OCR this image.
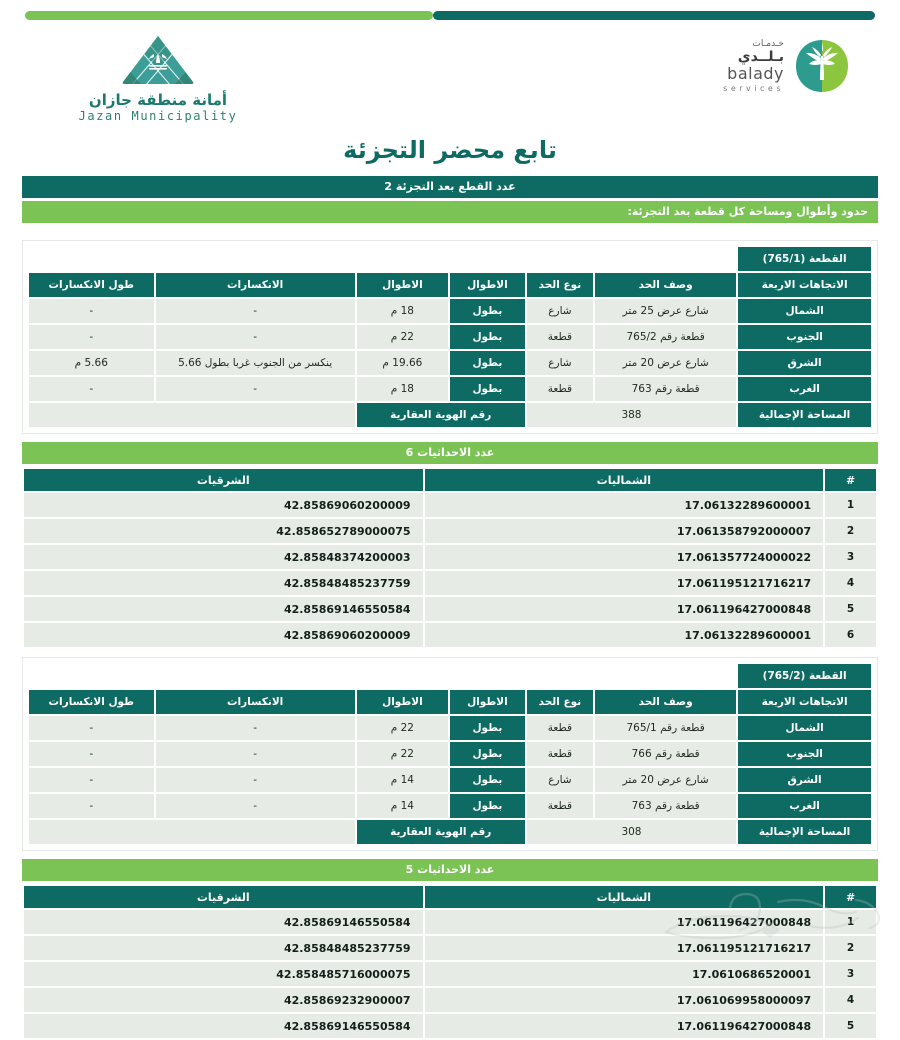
أمانة منطقة جازان
Jazan Municipality
خـدمـات
بـلــدي
balady
services
تابع محضر التجزئة
عدد القطع بعد التجزئة 2
حدود وأطوال ومساحة كل قطعة بعد التجزئة:
القطعة (765/1)						
الاتجاهات الاربعة	وصف الحد	نوع الحد	الاطوال	الاطوال	الانكسارات	طول الانكسارات
الشمال	شارع عرض 25 متر	شارع	بطول	18 م	-	-
الجنوب	قطعة رقم 765/2	قطعة	بطول	22 م	-	-
الشرق	شارع عرض 20 متر	شارع	بطول	19.66 م	ينكسر من الجنوب غربا بطول 5.66	5.66 م
الغرب	قطعة رقم 763	قطعة	بطول	18 م	-	-
المساحة الإجمالية	388		رقم الهوية العقارية			
عدد الاحداثيات 6
#	الشماليات	الشرقيات
1	17.06132289600001	42.85869060200009
2	17.061358792000007	42.858652789000075
3	17.061357724000022	42.85848374200003
4	17.061195121716217	42.85848485237759
5	17.061196427000848	42.85869146550584
6	17.06132289600001	42.85869060200009
القطعة (765/2)						
الاتجاهات الاربعة	وصف الحد	نوع الحد	الاطوال	الاطوال	الانكسارات	طول الانكسارات
الشمال	قطعة رقم 765/1	قطعة	بطول	22 م	-	-
الجنوب	قطعة رقم 766	قطعة	بطول	22 م	-	-
الشرق	شارع عرض 20 متر	شارع	بطول	14 م	-	-
الغرب	قطعة رقم 763	قطعة	بطول	14 م	-	-
المساحة الإجمالية	308		رقم الهوية العقارية			
عدد الاحداثيات 5
#	الشماليات	الشرقيات
1	17.061196427000848	42.85869146550584
2	17.061195121716217	42.85848485237759
3	17.0610686520001	42.858485716000075
4	17.061069958000097	42.85869232900007
5	17.061196427000848	42.85869146550584
